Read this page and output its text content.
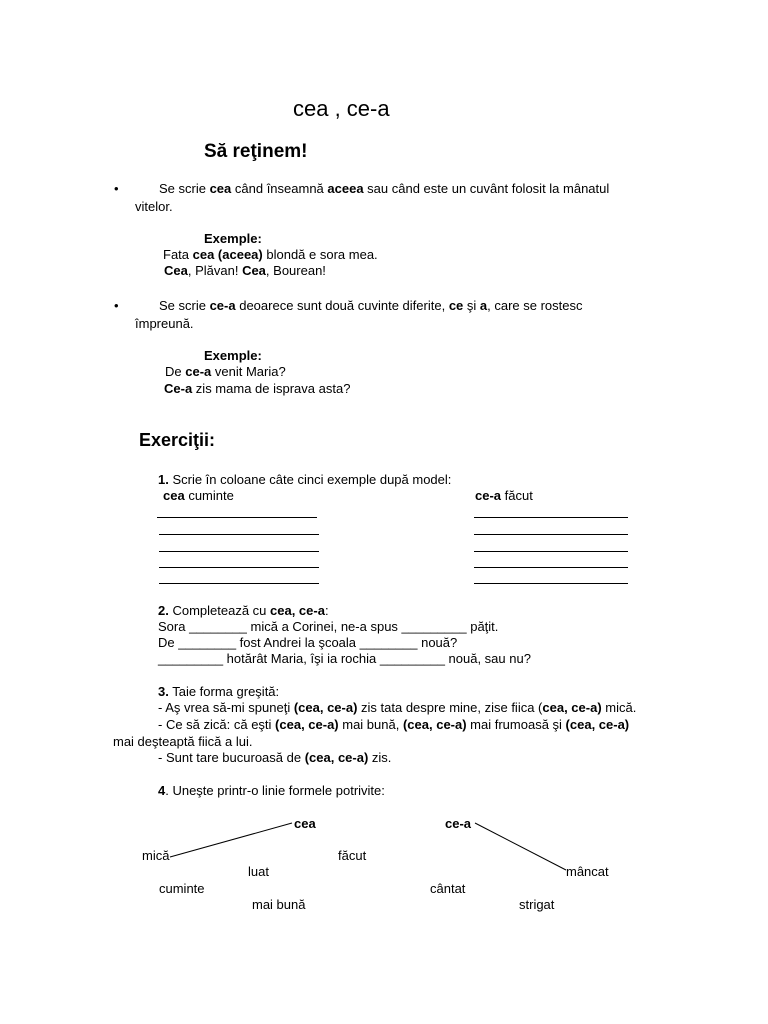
cea , ce-a
Să reţinem!
•	Se scrie cea când înseamnă aceea sau când este un cuvânt folosit la mânatul
vitelor.
Exemple:
Fata cea (aceea) blondă e sora mea.
Cea, Plăvan! Cea, Bourean!
•	Se scrie ce-a deoarece sunt două cuvinte diferite, ce şi a, care se rostesc
împreună.
Exemple:
De ce-a venit Maria?
Ce-a zis mama de isprava asta?
Exerciţii:
1. Scrie în coloane câte cinci exemple după model:
cea cuminte	ce-a făcut
2. Completează cu cea, ce-a:
Sora ________ mică a Corinei, ne-a spus _________ păţit.
De ________ fost Andrei la şcoala ________ nouă?
_________ hotărât Maria, îşi ia rochia _________ nouă, sau nu?
3. Taie forma greşită:
- Aş vrea să-mi spuneţi (cea, ce-a) zis tata despre mine, zise fiica (cea, ce-a) mică.
- Ce să zică: că eşti (cea, ce-a) mai bună, (cea, ce-a) mai frumoasă şi (cea, ce-a)
mai deşteaptă fiică a lui.
- Sunt tare bucuroasă de (cea, ce-a) zis.
4. Uneşte printr-o linie formele potrivite:
cea	ce-a
mică	făcut
mâncat
luat
cuminte	cântat
mai bună	strigat
